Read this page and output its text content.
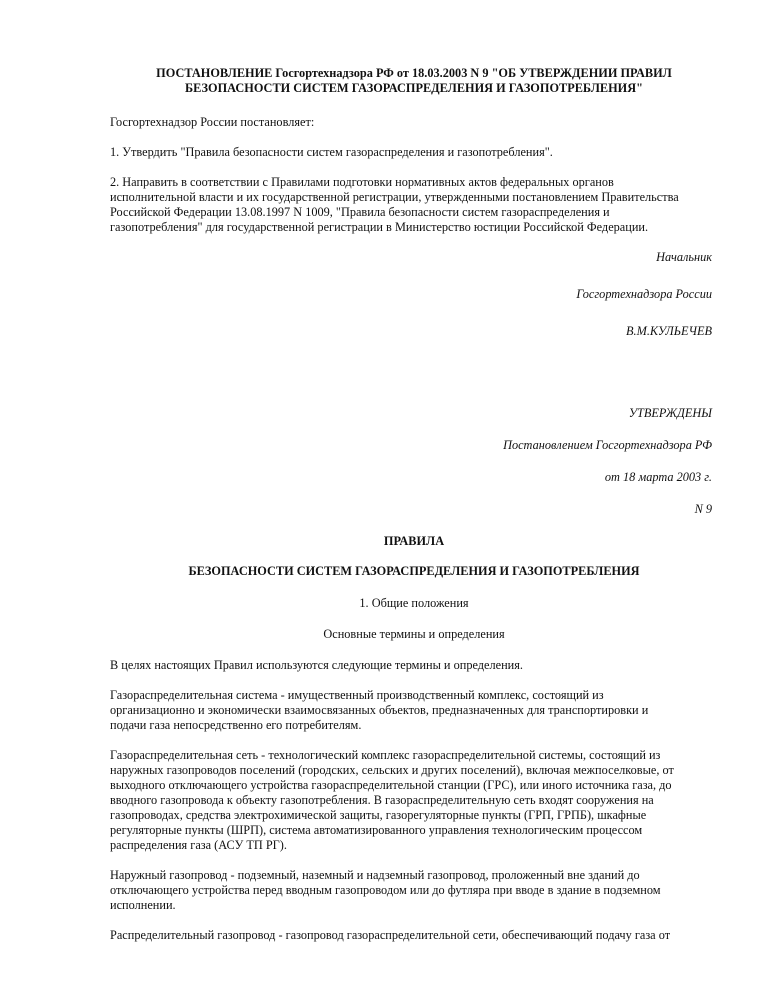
ПОСТАНОВЛЕНИЕ Госгортехнадзора РФ от 18.03.2003 N 9 "ОБ УТВЕРЖДЕНИИ ПРАВИЛ

БЕЗОПАСНОСТИ СИСТЕМ ГАЗОРАСПРЕДЕЛЕНИЯ И ГАЗОПОТРЕБЛЕНИЯ"

Госгортехнадзор России постановляет:

1. Утвердить "Правила безопасности систем газораспределения и газопотребления".

2. Направить в соответствии с Правилами подготовки нормативных актов федеральных органов

исполнительной власти и их государственной регистрации, утвержденными постановлением Правительства

Российской Федерации 13.08.1997 N 1009, "Правила безопасности систем газораспределения и

газопотребления" для государственной регистрации в Министерство юстиции Российской Федерации.

Начальник

Госгортехнадзора России

В.М.КУЛЬЕЧЕВ

УТВЕРЖДЕНЫ

Постановлением Госгортехнадзора РФ

от 18 марта 2003 г.

N 9

ПРАВИЛА

БЕЗОПАСНОСТИ СИСТЕМ ГАЗОРАСПРЕДЕЛЕНИЯ И ГАЗОПОТРЕБЛЕНИЯ

1. Общие положения

Основные термины и определения

В целях настоящих Правил используются следующие термины и определения.

Газораспределительная система - имущественный производственный комплекс, состоящий из

организационно и экономически взаимосвязанных объектов, предназначенных для транспортировки и

подачи газа непосредственно его потребителям.

Газораспределительная сеть - технологический комплекс газораспределительной системы, состоящий из

наружных газопроводов поселений (городских, сельских и других поселений), включая межпоселковые, от

выходного отключающего устройства газораспределительной станции (ГРС), или иного источника газа, до

вводного газопровода к объекту газопотребления. В газораспределительную сеть входят сооружения на

газопроводах, средства электрохимической защиты, газорегуляторные пункты (ГРП, ГРПБ), шкафные

регуляторные пункты (ШРП), система автоматизированного управления технологическим процессом

распределения газа (АСУ ТП РГ).

Наружный газопровод - подземный, наземный и надземный газопровод, проложенный вне зданий до

отключающего устройства перед вводным газопроводом или до футляра при вводе в здание в подземном

исполнении.

Распределительный газопровод - газопровод газораспределительной сети, обеспечивающий подачу газа от
